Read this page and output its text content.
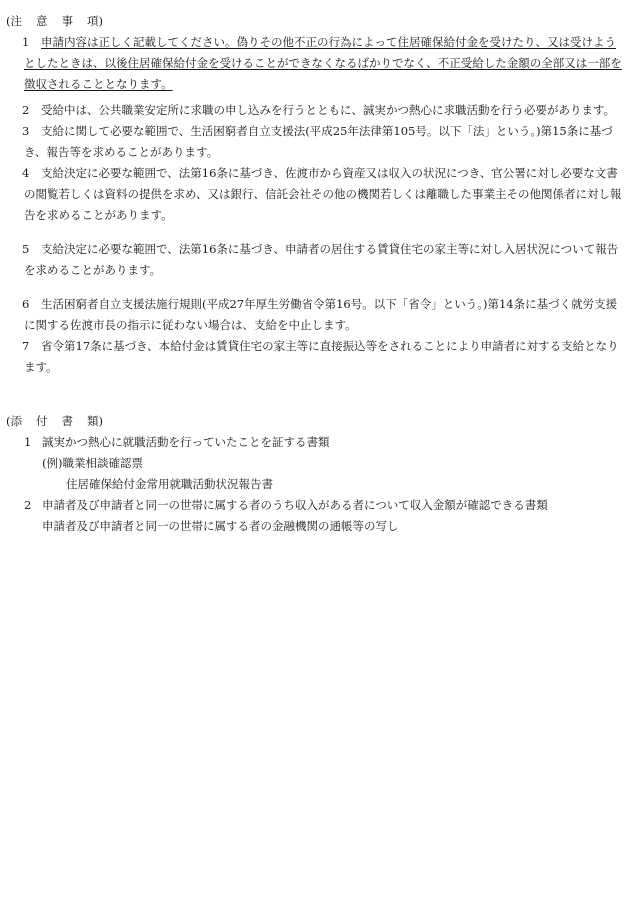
(注 意 事 項)
1 申請内容は正しく記載してください。偽りその他不正の行為によって住居確保給付金を受けたり、又は受けようとしたときは、以後住居確保給付金を受けることができなくなるばかりでなく、不正受給した金額の全部又は一部を徴収されることとなります。
2 受給中は、公共職業安定所に求職の申し込みを行うとともに、誠実かつ熱心に求職活動を行う必要があります。
3 支給に関して必要な範囲で、生活困窮者自立支援法(平成25年法律第105号。以下「法」という。)第15条に基づき、報告等を求めることがあります。
4 支給決定に必要な範囲で、法第16条に基づき、佐渡市から資産又は収入の状況につき、官公署に対し必要な文書の閲覧若しくは資料の提供を求め、又は銀行、信託会社その他の機関若しくは離職した事業主その他関係者に対し報告を求めることがあります。
5 支給決定に必要な範囲で、法第16条に基づき、申請者の居住する賃貸住宅の家主等に対し入居状況について報告を求めることがあります。
6 生活困窮者自立支援法施行規則(平成27年厚生労働省令第16号。以下「省令」という。)第14条に基づく就労支援に関する佐渡市長の指示に従わない場合は、支給を中止します。
7 省令第17条に基づき、本給付金は賃貸住宅の家主等に直接振込等をされることにより申請者に対する支給となります。
(添 付 書 類)
1 誠実かつ熱心に就職活動を行っていたことを証する書類
(例)職業相談確認票
住居確保給付金常用就職活動状況報告書
2 申請者及び申請者と同一の世帯に属する者のうち収入がある者について収入金額が確認できる書類
申請者及び申請者と同一の世帯に属する者の金融機関の通帳等の写し
